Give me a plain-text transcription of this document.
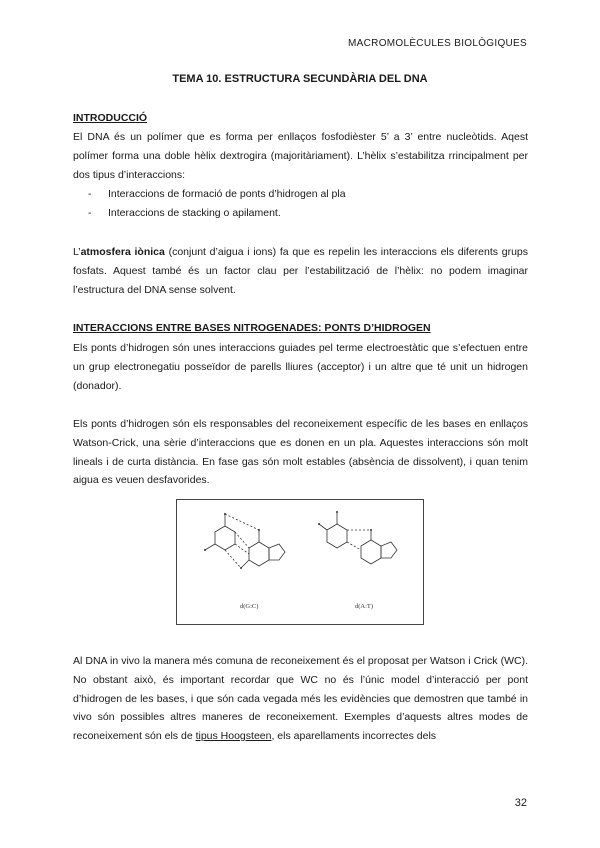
MACROMOLÈCULES BIOLÒGIQUES
TEMA 10. ESTRUCTURA SECUNDÀRIA DEL DNA
INTRODUCCIÓ

El DNA és un polímer que es forma per enllaços fosfodièster 5’ a 3’ entre nucleòtids. Aqest polímer forma una doble hèlix dextrogira (majoritàriament). L’hèlix s’estabilitza rrincipalment per dos tipus d’interaccions:

- Interaccions de formació de ponts d’hidrogen al pla
- Interaccions de stacking o apilament.

L’atmosfera iònica (conjunt d’aigua i ions) fa que es repelin les interaccions els diferents grups fosfats. Aquest també és un factor clau per l’estabilització de l’hèlix: no podem imaginar l’estructura del DNA sense solvent.

INTERACCIONS ENTRE BASES NITROGENADES: PONTS D’HIDROGEN

Els ponts d’hidrogen són unes interaccions guiades pel terme electroestàtic que s’efectuen entre un grup electronegatiu posseïdor de parells lliures (acceptor) i un altre que té unit un hidrogen (donador).

Els ponts d’hidrogen són els responsables del reconeixement específic de les bases en enllaços Watson-Crick, una sèrie d’interaccions que es donen en un pla. Aquestes interaccions són molt lineals i de curta distància. En fase gas són molt estables (absència de dissolvent), i quan tenim aigua es veuen desfavorides.

d(G:C)	d(A:T)

Al DNA in vivo la manera més comuna de reconeixement és el proposat per Watson i Crick (WC). No obstant això, és important recordar que WC no és l’únic model d’interacció per pont d’hidrogen de les bases, i que són cada vegada més les evidències que demostren que també in vivo són possibles altres maneres de reconeixement. Exemples d’aquests altres modes de reconeixement són els de tipus Hoogsteen, els aparellaments incorrectes dels

32
